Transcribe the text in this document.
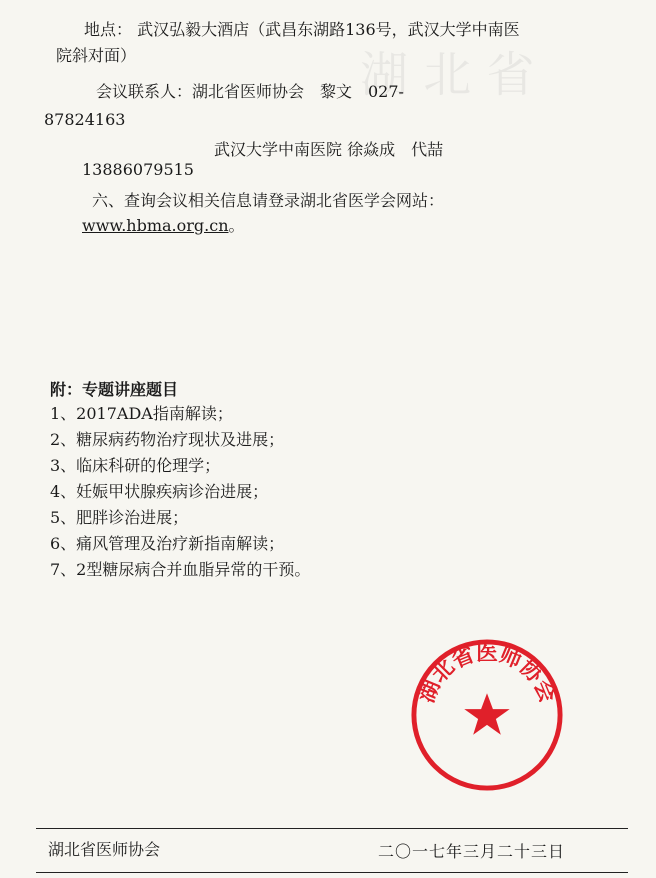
湖 北 省
地点： 武汉弘毅大酒店（武昌东湖路136号，武汉大学中南医
院斜对面）
会议联系人：湖北省医师协会　黎文　027-
87824163
武汉大学中南医院 徐焱成　代喆
13886079515
六、查询会议相关信息请登录湖北省医学会网站：
www.hbma.org.cn。
附：专题讲座题目
1、2017ADA指南解读；
2、糖尿病药物治疗现状及进展；
3、临床科研的伦理学；
4、妊娠甲状腺疾病诊治进展；
5、肥胖诊治进展；
6、痛风管理及治疗新指南解读；
7、2型糖尿病合并血脂异常的干预。
湖北省医师协会
湖北省医师协会	二〇一七年三月二十三日
